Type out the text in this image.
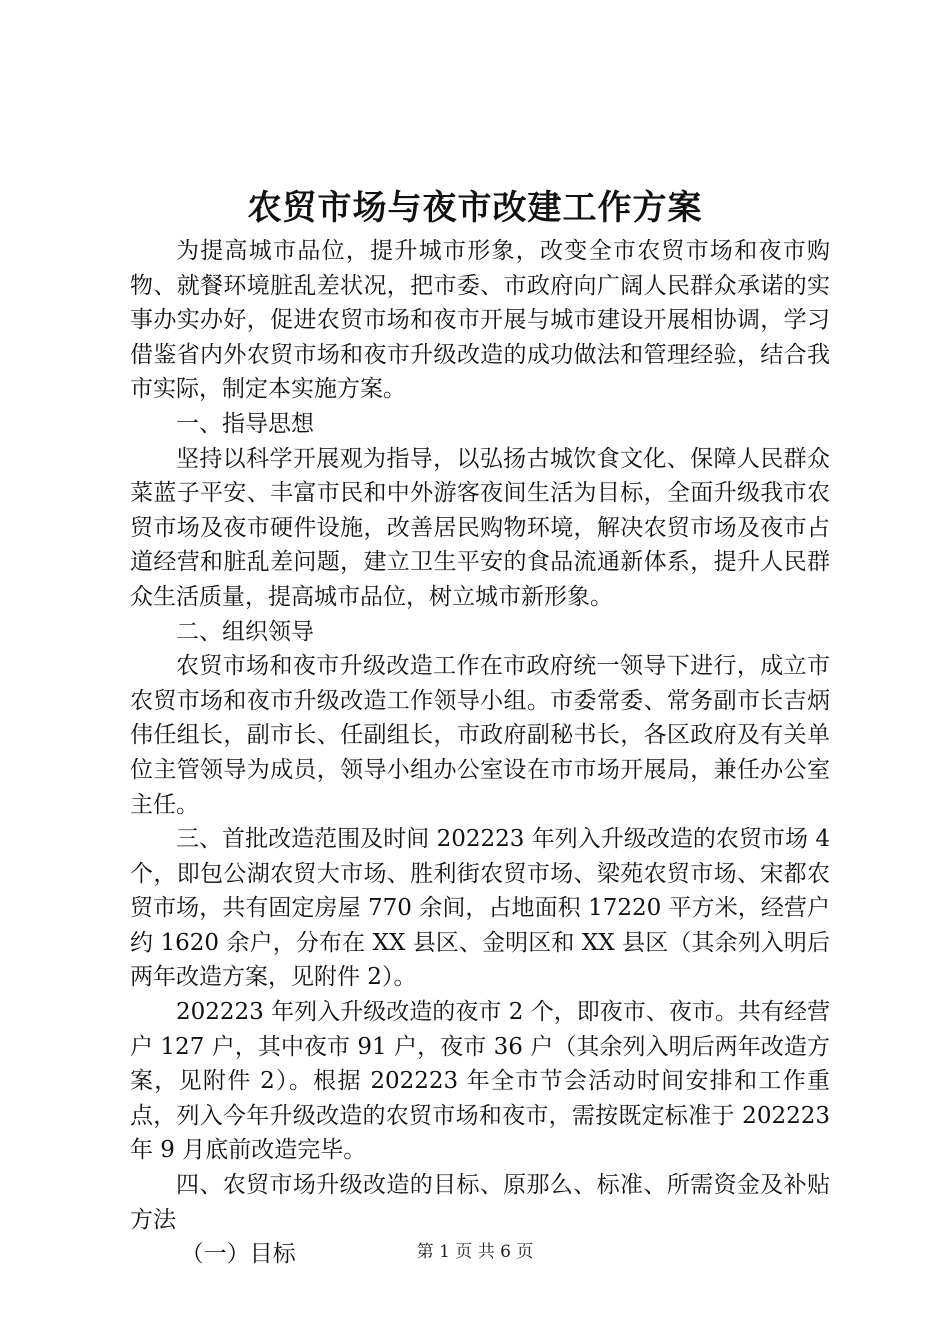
农贸市场与夜市改建工作方案

为提高城市品位，提升城市形象，改变全市农贸市场和夜市购物、就餐环境脏乱差状况，把市委、市政府向广阔人民群众承诺的实事办实办好，促进农贸市场和夜市开展与城市建设开展相协调，学习借鉴省内外农贸市场和夜市升级改造的成功做法和管理经验，结合我市实际，制定本实施方案。

一、指导思想

坚持以科学开展观为指导，以弘扬古城饮食文化、保障人民群众菜蓝子平安、丰富市民和中外游客夜间生活为目标，全面升级我市农贸市场及夜市硬件设施，改善居民购物环境，解决农贸市场及夜市占道经营和脏乱差问题，建立卫生平安的食品流通新体系，提升人民群众生活质量，提高城市品位，树立城市新形象。

二、组织领导

农贸市场和夜市升级改造工作在市政府统一领导下进行，成立市农贸市场和夜市升级改造工作领导小组。市委常委、常务副市长吉炳伟任组长，副市长、任副组长，市政府副秘书长，各区政府及有关单位主管领导为成员，领导小组办公室设在市市场开展局，兼任办公室主任。

三、首批改造范围及时间 202223 年列入升级改造的农贸市场 4 个，即包公湖农贸大市场、胜利街农贸市场、梁苑农贸市场、宋都农贸市场，共有固定房屋 770 余间，占地面积 17220 平方米，经营户约 1620 余户，分布在 XX 县区、金明区和 XX 县区（其余列入明后两年改造方案，见附件 2）。

202223 年列入升级改造的夜市 2 个，即夜市、夜市。共有经营户 127 户，其中夜市 91 户，夜市 36 户（其余列入明后两年改造方案，见附件 2）。根据 202223 年全市节会活动时间安排和工作重点，列入今年升级改造的农贸市场和夜市，需按既定标准于 202223 年 9 月底前改造完毕。

四、农贸市场升级改造的目标、原那么、标准、所需资金及补贴方法

（一）目标	第 1 页 共 6 页
